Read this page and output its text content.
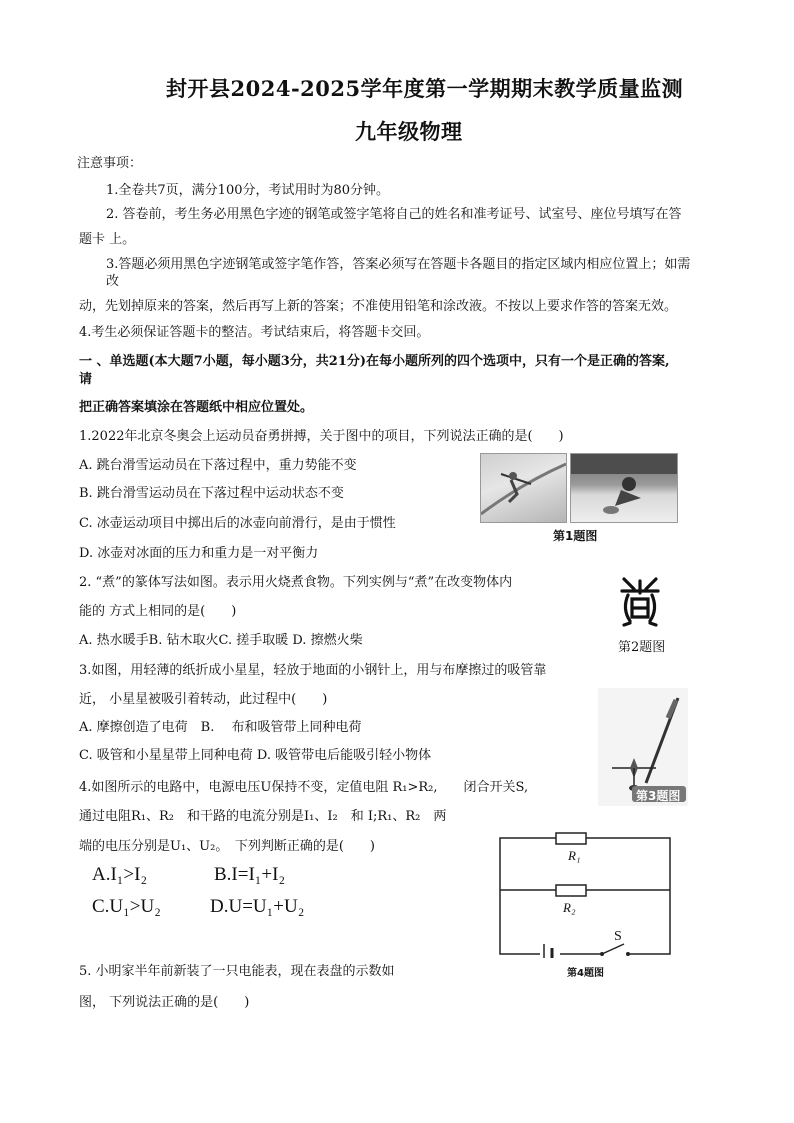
封开县2024-2025学年度第一学期期末教学质量监测
九年级物理
注意事项：
1.全卷共7页，满分100分，考试用时为80分钟。
2. 答卷前，考生务必用黑色字迹的钢笔或签字笔将自己的姓名和准考证号、试室号、座位号填写在答
题卡 上。
3.答题必须用黑色字迹钢笔或签字笔作答，答案必须写在答题卡各题目的指定区域内相应位置上；如需
改
动，先划掉原来的答案，然后再写上新的答案；不准使用铅笔和涂改液。不按以上要求作答的答案无效。
4.考生必须保证答题卡的整洁。考试结束后，将答题卡交回。
一 、单选题(本大题7小题，每小题3分，共21分)在每小题所列的四个选项中，只有一个是正确的答案,
请
把正确答案填涂在答题纸中相应位置处。
1.2022年北京冬奥会上运动员奋勇拼搏，关于图中的项目，下列说法正确的是(　　)
A. 跳台滑雪运动员在下落过程中，重力势能不变
B. 跳台滑雪运动员在下落过程中运动状态不变
C. 冰壶运动项目中掷出后的冰壶向前滑行，是由于惯性
D. 冰壶对冰面的压力和重力是一对平衡力
第1题图
2. “煮”的篆体写法如图。表示用火烧煮食物。下列实例与“煮”在改变物体内
能的 方式上相同的是(　　)
A. 热水暖手B. 钻木取火C. 搓手取暖 D. 擦燃火柴	第2题图
3.如图，用轻薄的纸折成小星星，轻放于地面的小钢针上，用与布摩擦过的吸管靠
近， 小星星被吸引着转动，此过程中(　　)
A. 摩擦创造了电荷　B. 　布和吸管带上同种电荷
C. 吸管和小星星带上同种电荷 D. 吸管带电后能吸引轻小物体
第3题图
4.如图所示的电路中，电源电压U保持不变，定值电阻 R₁>R₂,　　闭合开关S,
通过电阻R₁、R₂　和干路的电流分别是I₁、I₂　和 I;R₁、R₂　两
端的电压分别是U₁、U₂。　下列判断正确的是(　　)
A.I₁>I₂	B.I=I₁+I₂
C.U₁>U₂	D.U=U₁+U₂
R₁
R₂
S
第4题图
5. 小明家半年前新装了一只电能表，现在表盘的示数如
图， 下列说法正确的是(　　)
